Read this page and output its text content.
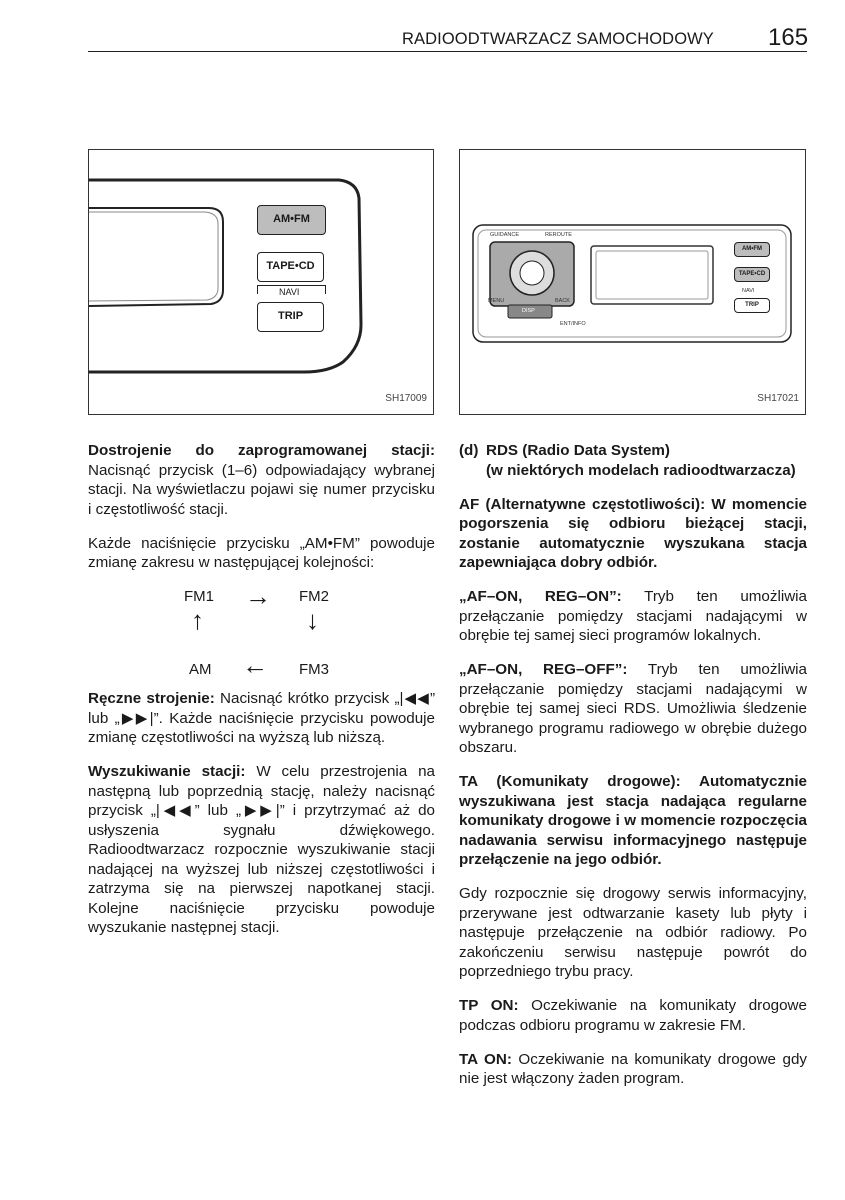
RADIOODTWARZACZ SAMOCHODOWY 165
AM•FM
TAPE•CD
NAVI
TRIP
SH17009
GUIDANCE	REROUTE
MENU	BACK
DISP
ENT/INFO
AM•FM
TAPE•CD
NAVI
TRIP
SH17021

Dostrojenie do zaprogramowanej stacji: Nacisnąć przycisk (1–6) odpowiadający wybranej stacji. Na wyświetlaczu pojawi się numer przycisku i częstotliwość stacji.

Każde naciśnięcie przycisku „AM•FM” powoduje zmianę zakresu w następującej kolejności:

FM1	FM2
AM	FM3
→
↓
←
↑

Ręczne strojenie: Nacisnąć krótko przycisk „|◀◀” lub „▶▶|”. Każde naciśnięcie przycisku powoduje zmianę częstotliwości na wyższą lub niższą.

Wyszukiwanie stacji: W celu przestrojenia na następną lub poprzednią stację, należy nacisnąć przycisk „|◀◀” lub „▶▶|” i przytrzymać aż do usłyszenia sygnału dźwiękowego. Radioodtwarzacz rozpocznie wyszukiwanie stacji nadającej na wyższej lub niższej częstotliwości i zatrzyma się na pierwszej napotkanej stacji. Kolejne naciśnięcie przycisku powoduje wyszukanie następnej stacji.

(d) RDS (Radio Data System)
(w niektórych modelach radioodtwarzacza)

AF (Alternatywne częstotliwości): W momencie pogorszenia się odbioru bieżącej stacji, zostanie automatycznie wyszukana stacja zapewniająca dobry odbiór.

„AF–ON, REG–ON”: Tryb ten umożliwia przełączanie pomiędzy stacjami nadającymi w obrębie tej samej sieci programów lokalnych.

„AF–ON, REG–OFF”: Tryb ten umożliwia przełączanie pomiędzy stacjami nadającymi w obrębie tej samej sieci RDS. Umożliwia śledzenie wybranego programu radiowego w obrębie dużego obszaru.

TA (Komunikaty drogowe): Automatycznie wyszukiwana jest stacja nadająca regularne komunikaty drogowe i w momencie rozpoczęcia nadawania serwisu informacyjnego następuje przełączenie na jego odbiór.

Gdy rozpocznie się drogowy serwis informacyjny, przerywane jest odtwarzanie kasety lub płyty i następuje przełączenie na odbiór radiowy. Po zakończeniu serwisu następuje powrót do poprzedniego trybu pracy.

TP ON: Oczekiwanie na komunikaty drogowe podczas odbioru programu w zakresie FM.

TA ON: Oczekiwanie na komunikaty drogowe gdy nie jest włączony żaden program.
